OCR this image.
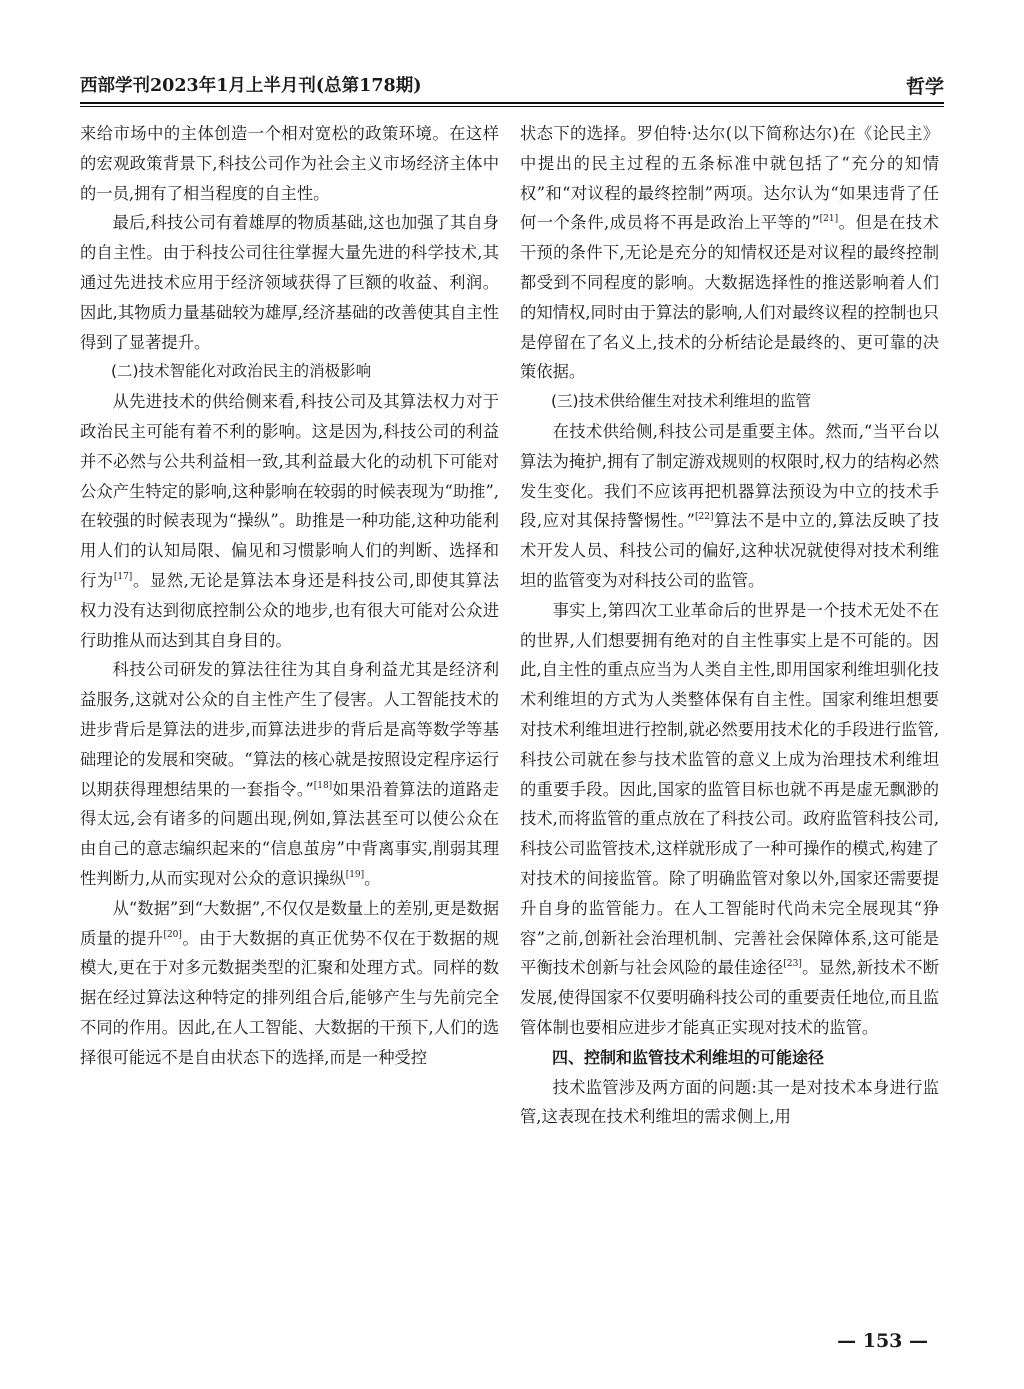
西部学刊2023年1月上半月刊(总第178期)	哲学

来给市场中的主体创造一个相对宽松的政策环境。在这样的宏观政策背景下,科技公司作为社会主义市场经济主体中的一员,拥有了相当程度的自主性。

最后,科技公司有着雄厚的物质基础,这也加强了其自身的自主性。由于科技公司往往掌握大量先进的科学技术,其通过先进技术应用于经济领域获得了巨额的收益、利润。因此,其物质力量基础较为雄厚,经济基础的改善使其自主性得到了显著提升。

(二)技术智能化对政治民主的消极影响

从先进技术的供给侧来看,科技公司及其算法权力对于政治民主可能有着不利的影响。这是因为,科技公司的利益并不必然与公共利益相一致,其利益最大化的动机下可能对公众产生特定的影响,这种影响在较弱的时候表现为“助推”,在较强的时候表现为“操纵”。助推是一种功能,这种功能利用人们的认知局限、偏见和习惯影响人们的判断、选择和行为[17]。显然,无论是算法本身还是科技公司,即使其算法权力没有达到彻底控制公众的地步,也有很大可能对公众进行助推从而达到其自身目的。

科技公司研发的算法往往为其自身利益尤其是经济利益服务,这就对公众的自主性产生了侵害。人工智能技术的进步背后是算法的进步,而算法进步的背后是高等数学等基础理论的发展和突破。“算法的核心就是按照设定程序运行以期获得理想结果的一套指令。”[18]如果沿着算法的道路走得太远,会有诸多的问题出现,例如,算法甚至可以使公众在由自己的意志编织起来的“信息茧房”中背离事实,削弱其理性判断力,从而实现对公众的意识操纵[19]。

从“数据”到“大数据”,不仅仅是数量上的差别,更是数据质量的提升[20]。由于大数据的真正优势不仅在于数据的规模大,更在于对多元数据类型的汇聚和处理方式。同样的数据在经过算法这种特定的排列组合后,能够产生与先前完全不同的作用。因此,在人工智能、大数据的干预下,人们的选择很可能远不是自由状态下的选择,而是一种受控

状态下的选择。罗伯特·达尔(以下简称达尔)在《论民主》中提出的民主过程的五条标准中就包括了“充分的知情权”和“对议程的最终控制”两项。达尔认为“如果违背了任何一个条件,成员将不再是政治上平等的”[21]。但是在技术干预的条件下,无论是充分的知情权还是对议程的最终控制都受到不同程度的影响。大数据选择性的推送影响着人们的知情权,同时由于算法的影响,人们对最终议程的控制也只是停留在了名义上,技术的分析结论是最终的、更可靠的决策依据。

(三)技术供给催生对技术利维坦的监管

在技术供给侧,科技公司是重要主体。然而,“当平台以算法为掩护,拥有了制定游戏规则的权限时,权力的结构必然发生变化。我们不应该再把机器算法预设为中立的技术手段,应对其保持警惕性。”[22]算法不是中立的,算法反映了技术开发人员、科技公司的偏好,这种状况就使得对技术利维坦的监管变为对科技公司的监管。

事实上,第四次工业革命后的世界是一个技术无处不在的世界,人们想要拥有绝对的自主性事实上是不可能的。因此,自主性的重点应当为人类自主性,即用国家利维坦驯化技术利维坦的方式为人类整体保有自主性。国家利维坦想要对技术利维坦进行控制,就必然要用技术化的手段进行监管,科技公司就在参与技术监管的意义上成为治理技术利维坦的重要手段。因此,国家的监管目标也就不再是虚无飘渺的技术,而将监管的重点放在了科技公司。政府监管科技公司,科技公司监管技术,这样就形成了一种可操作的模式,构建了对技术的间接监管。除了明确监管对象以外,国家还需要提升自身的监管能力。在人工智能时代尚未完全展现其“狰容”之前,创新社会治理机制、完善社会保障体系,这可能是平衡技术创新与社会风险的最佳途径[23]。显然,新技术不断发展,使得国家不仅要明确科技公司的重要责任地位,而且监管体制也要相应进步才能真正实现对技术的监管。

四、控制和监管技术利维坦的可能途径

技术监管涉及两方面的问题:其一是对技术本身进行监管,这表现在技术利维坦的需求侧上,用

— 153 —
